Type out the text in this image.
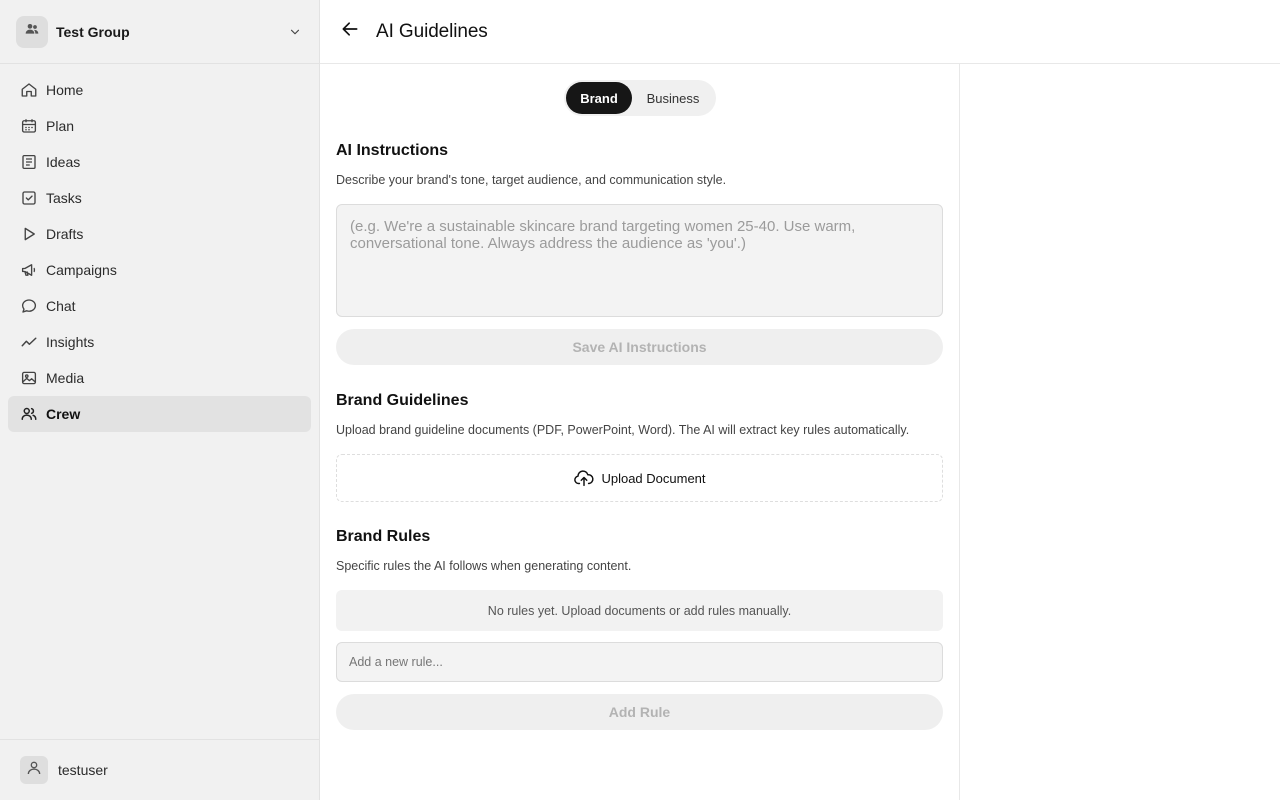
Test Group
Home
Plan
Ideas
Tasks
Drafts
Campaigns
Chat
Insights
Media
Crew
testuser
AI Guidelines
Brand	Business
AI Instructions

Describe your brand's tone, target audience, and communication style.

(e.g. We're a sustainable skincare brand targeting women 25-40. Use warm, conversational tone. Always address the audience as 'you'.)
Save AI Instructions
Brand Guidelines

Upload brand guideline documents (PDF, PowerPoint, Word). The AI will extract key rules automatically.

Upload Document
Brand Rules

Specific rules the AI follows when generating content.

No rules yet. Upload documents or add rules manually.
Add a new rule...
Add Rule
